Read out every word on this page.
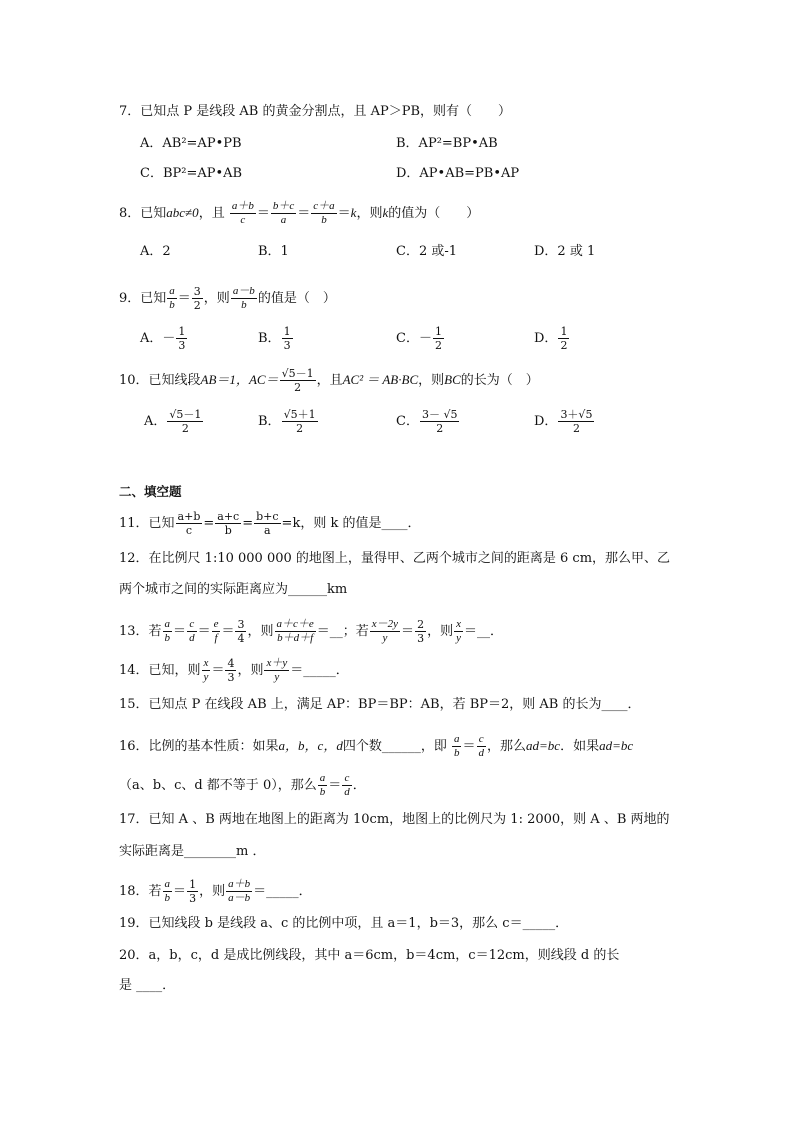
7．已知点 P 是线段 AB 的黄金分割点，且 AP＞PB，则有（　　）
A．AB²=AP•PB	B．AP²=BP•AB
C．BP²=AP•AB	D．AP•AB=PB•AP
8．已知abc≠0，且 $\frac{a+b}{c} = \frac{b+c}{a} = \frac{c+a}{b} =k$，则k的值为（　　）
A．2	B．1	C．2 或-1	D．2 或 1
9．已知 $\frac{a}{b} = \frac{3}{2}$ ，则 $\frac{a-b}{b}$ 的值是（　）
A．－ $\frac{1}{3}$	B． $\frac{1}{3}$	C．－ $\frac{1}{2}$	D． $\frac{1}{2}$
10．已知线段AB＝1，$AC= \frac{√5-1}{2}$ ，且AC² ＝ AB·BC，则BC的长为（　）
A． $\frac{√5-1}{2}$	B． $\frac{√5+1}{2}$	C． $\frac{3- √5}{2}$	D． $\frac{3+√5}{2}$
二、填空题
11．已知 $\frac{a+b}{c} = \frac{a+c}{b} = \frac{b+c}{a} =k$，则 k 的值是____．
12．在比例尺 1:10 000 000 的地图上，量得甲、乙两个城市之间的距离是 6 cm，那么甲、乙
两个城市之间的实际距离应为______km
13．若 $\frac{a}{b} = \frac{c}{d} = \frac{e}{f} = \frac{3}{4}$ ，则 $\frac{a+c+e}{b+d+f}$ ＝__；若 $\frac{x-2y}{y} = \frac{2}{3}$ ，则 $\frac{x}{y}$ ＝__．
14．已知，则 $\frac{x}{y} = \frac{4}{3}$ ，则 $\frac{x+y}{y}$ ＝_____．
15．已知点 P 在线段 AB 上，满足 AP：BP＝BP：AB，若 BP＝2，则 AB 的长为____．
16．比例的基本性质：如果a，b，c，d四个数______，即 $\frac{a}{b} = \frac{c}{d}$ ，那么ad=bc．如果ad=bc
（a、b、c、d 都不等于 0），那么 $\frac{a}{b} = \frac{c}{d}$ ．
17．已知 A 、B 两地在地图上的距离为 10cm，地图上的比例尺为 1: 2000，则 A 、B 两地的
实际距离是________m ．
18．若 $\frac{a}{b} = \frac{1}{3}$ ，则 $\frac{a+b}{a-b}$ ＝_____．
19．已知线段 b 是线段 a、c 的比例中项，且 a＝1，b＝3，那么 c＝_____．
20．a，b，c，d 是成比例线段，其中 a＝6cm，b＝4cm，c＝12cm，则线段 d 的长
是 ____．
